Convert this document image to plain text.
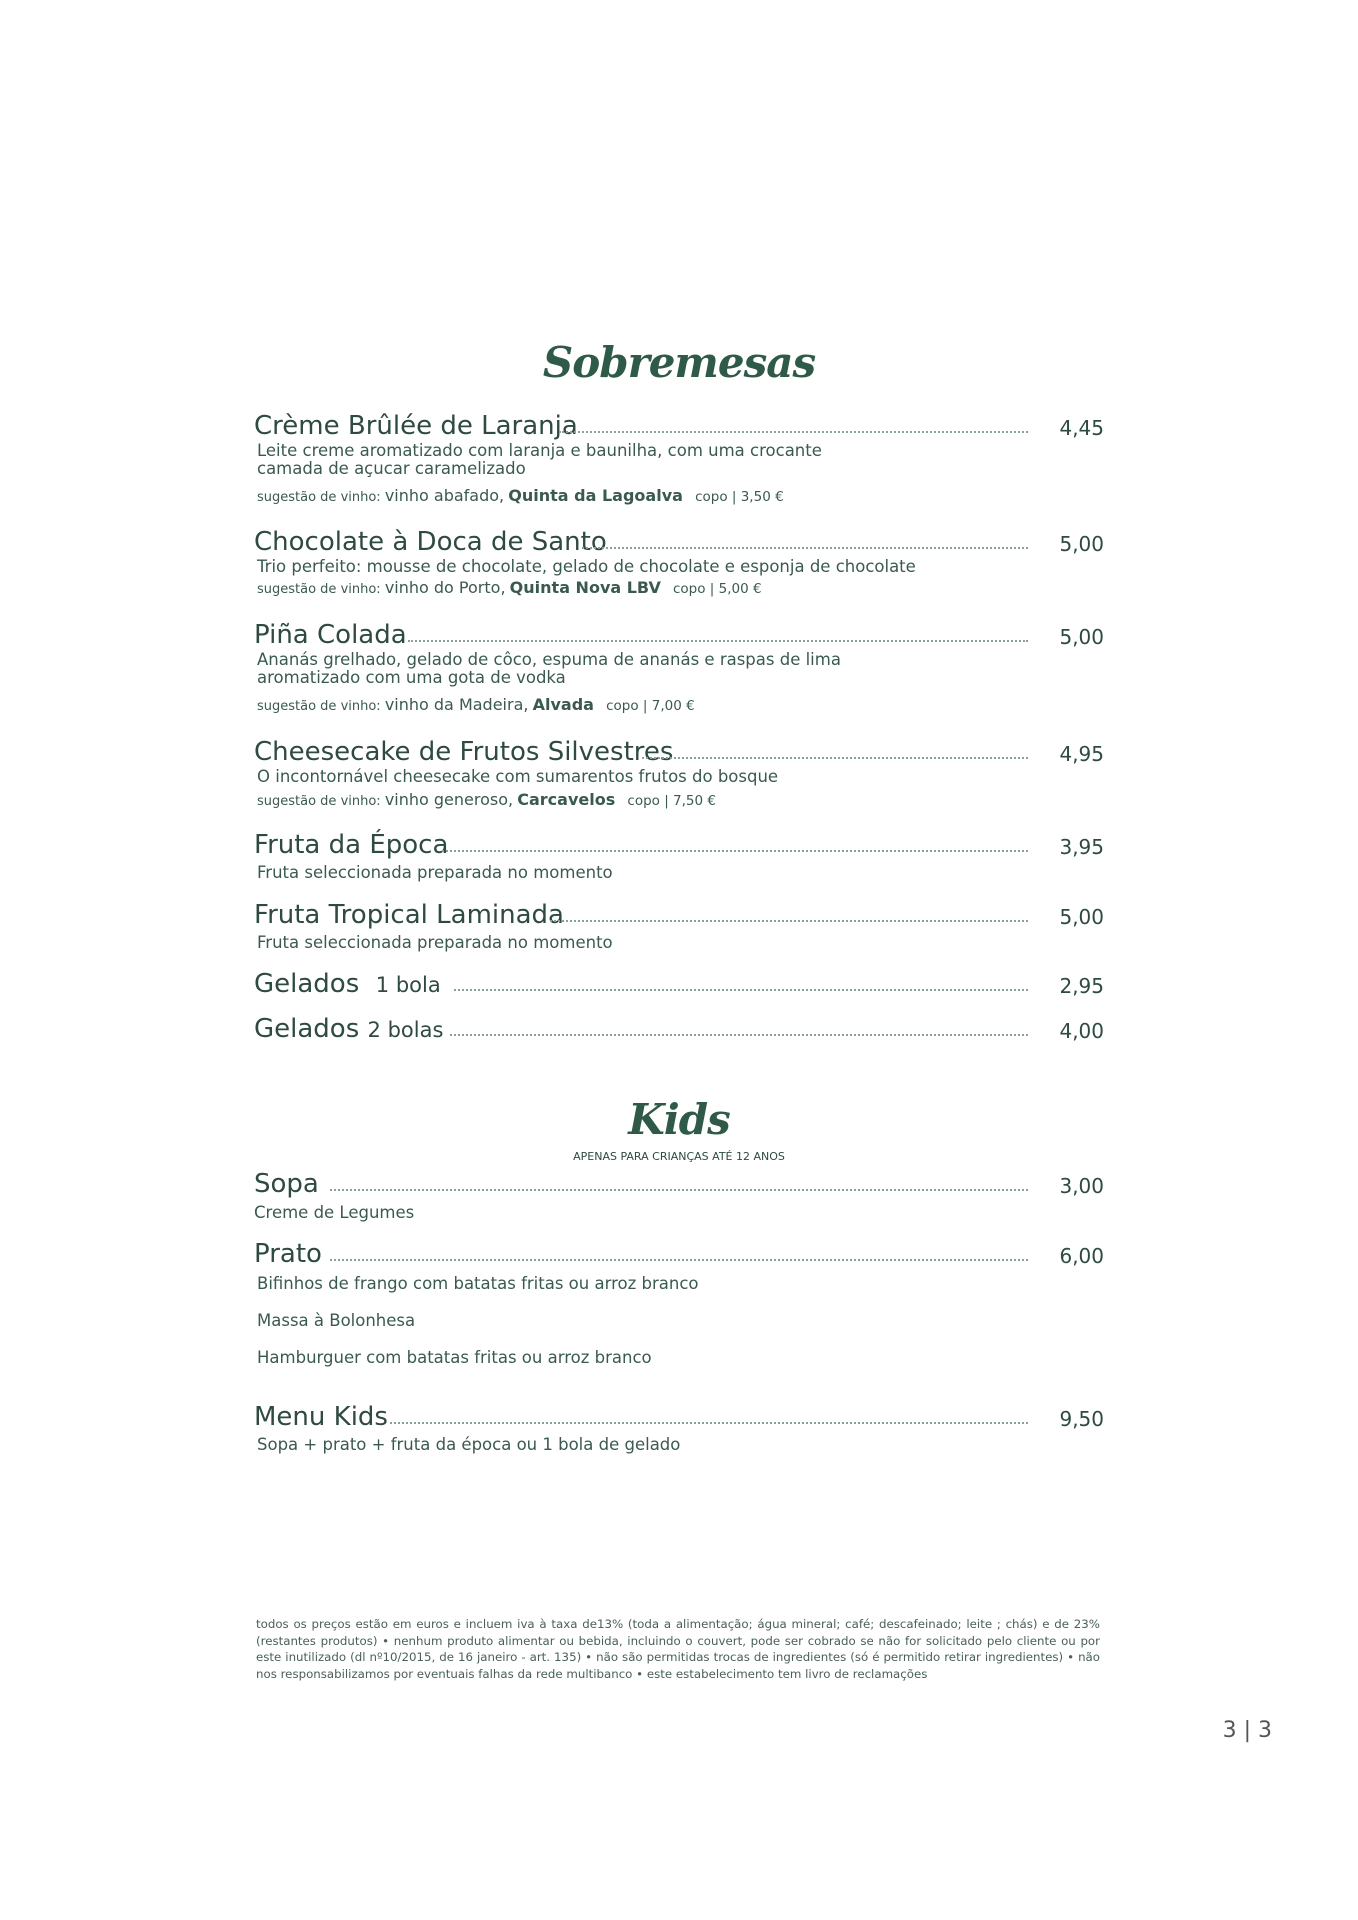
Sobremesas
Crème Brûlée de Laranja	4,45
Leite creme aromatizado com laranja e baunilha, com uma crocante
camada de açucar caramelizado
sugestão de vinho: vinho abafado, Quinta da Lagoalva copo | 3,50 €
Chocolate à Doca de Santo	5,00
Trio perfeito: mousse de chocolate, gelado de chocolate e esponja de chocolate
sugestão de vinho: vinho do Porto, Quinta Nova LBV copo | 5,00 €
Piña Colada	5,00
Ananás grelhado, gelado de côco, espuma de ananás e raspas de lima
aromatizado com uma gota de vodka
sugestão de vinho: vinho da Madeira, Alvada copo | 7,00 €
Cheesecake de Frutos Silvestres	4,95
O incontornável cheesecake com sumarentos frutos do bosque
sugestão de vinho: vinho generoso, Carcavelos copo | 7,50 €
Fruta da Época	3,95
Fruta seleccionada preparada no momento
Fruta Tropical Laminada	5,00
Fruta seleccionada preparada no momento
Gelados 1 bola	2,95
Gelados 2 bolas	4,00
Kids
APENAS PARA CRIANÇAS ATÉ 12 ANOS
Sopa	3,00
Creme de Legumes
Prato	6,00
Bifinhos de frango com batatas fritas ou arroz branco
Massa à Bolonhesa
Hamburguer com batatas fritas ou arroz branco
Menu Kids	9,50
Sopa + prato + fruta da época ou 1 bola de gelado
todos os preços estão em euros e incluem iva à taxa de13% (toda a alimentação; água mineral; café; descafeinado; leite ; chás) e de 23% (restantes produtos) • nenhum produto alimentar ou bebida, incluindo o couvert, pode ser cobrado se não for solicitado pelo cliente ou por este inutilizado (dl nº10/2015, de 16 janeiro - art. 135) • não são permitidas trocas de ingredientes (só é permitido retirar ingredientes) • não nos responsabilizamos por eventuais falhas da rede multibanco • este estabelecimento tem livro de reclamações
3 | 3
